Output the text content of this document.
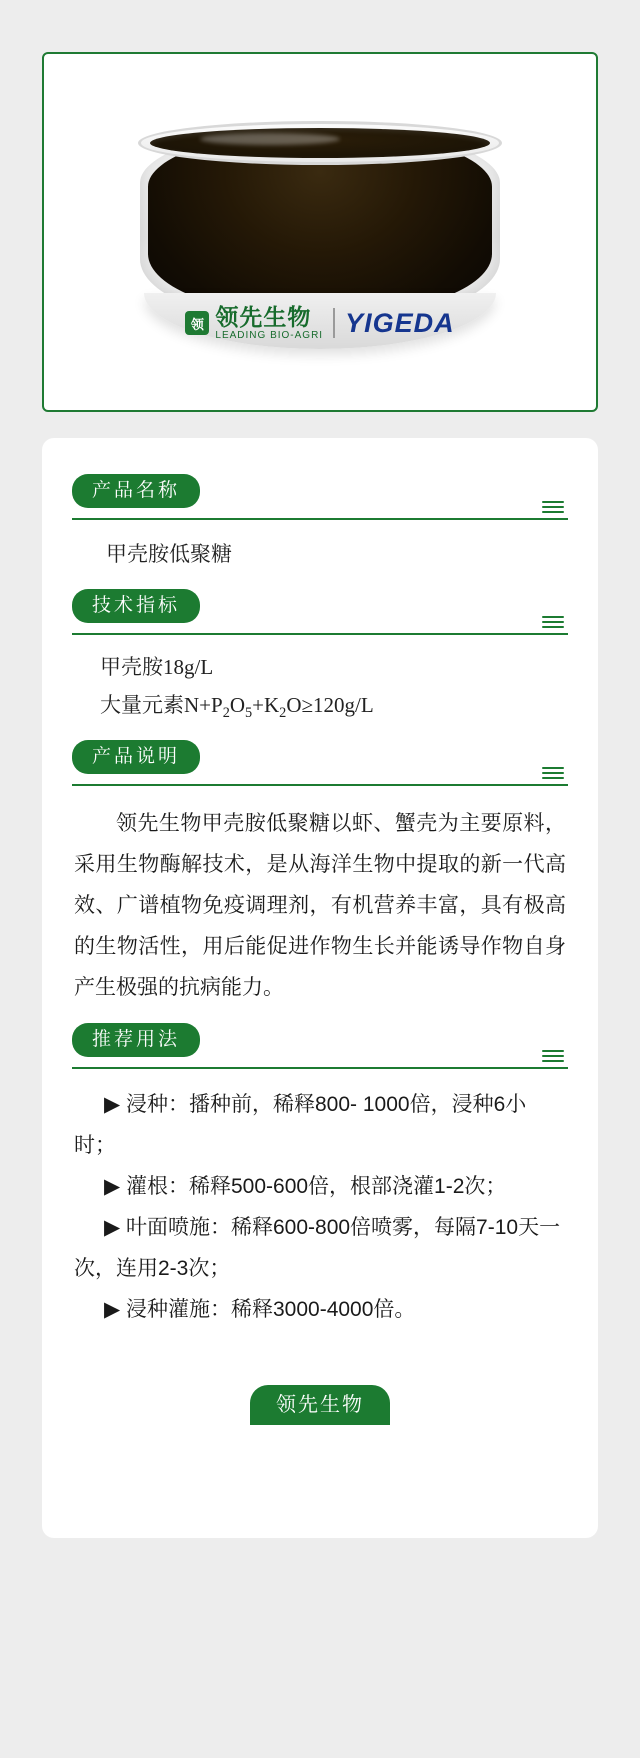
领 领先生物
LEADING BIO-AGRI YIGEDA
产品名称
甲壳胺低聚糖
技术指标
甲壳胺18g/L
大量元素$N+P_2O_5+K_2O\ge 120g/L$
产品说明
领先生物甲壳胺低聚糖以虾、蟹壳为主要原料，采用生物酶解技术，是从海洋生物中提取的新一代高效、广谱植物免疫调理剂，有机营养丰富，具有极高的生物活性，用后能促进作物生长并能诱导作物自身产生极强的抗病能力。
推荐用法
▶ 浸种：播种前，稀释800- 1000倍，浸种6小时；
▶ 灌根：稀释500-600倍，根部浇灌1-2次；
▶ 叶面喷施：稀释600-800倍喷雾，每隔7-10天一次，连用2-3次；
▶ 浸种灌施：稀释3000-4000倍。
领先生物
